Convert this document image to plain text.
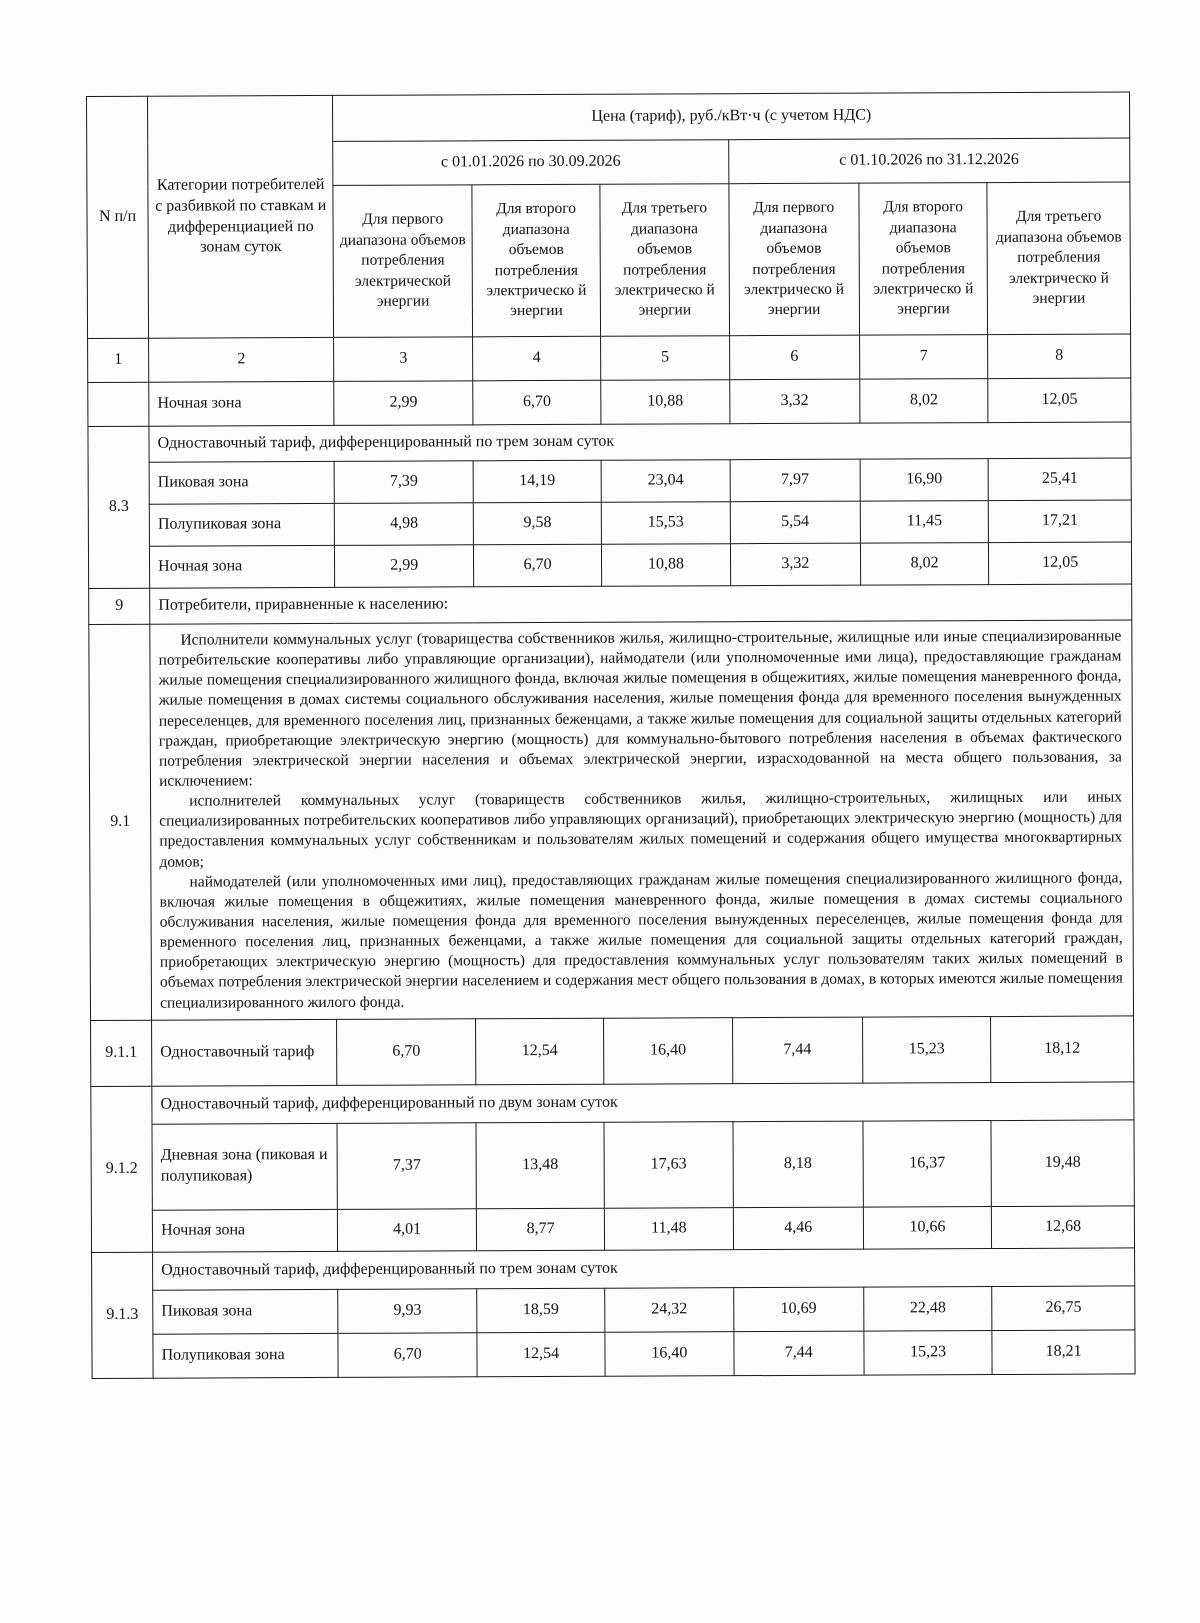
N п/п	Категории потребителей с разбивкой по ставкам и дифференциацией по зонам суток	Цена (тариф), руб./кВт·ч (с учетом НДС)					
		с 01.01.2026 по 30.09.2026			с 01.10.2026 по 31.12.2026		
		Для первого диапазона объемов потребления электрической энергии	Для второго диапазона объемов потребления электрическо й энергии	Для третьего диапазона объемов потребления электрическо й энергии	Для первого диапазона объемов потребления электрическо й энергии	Для второго диапазона объемов потребления электрическо й энергии	Для третьего диапазона объемов потребления электрическо й энергии
1	2	3	4	5	6	7	8
	Ночная зона	2,99	6,70	10,88	3,32	8,02	12,05
8.3	Одноставочный тариф, дифференцированный по трем зонам суток						
	Пиковая зона	7,39	14,19	23,04	7,97	16,90	25,41
	Полупиковая зона	4,98	9,58	15,53	5,54	11,45	17,21
	Ночная зона	2,99	6,70	10,88	3,32	8,02	12,05
9	Потребители, приравненные к населению:						
9.1	Исполнители коммунальных услуг (товарищества собственников жилья, жилищно-строительные, жилищные или иные специализированные потребительские кооперативы либо управляющие организации), наймодатели (или уполномоченные ими лица), предоставляющие гражданам жилые помещения специализированного жилищного фонда, включая жилые помещения в общежитиях, жилые помещения маневренного фонда, жилые помещения в домах системы социального обслуживания населения, жилые помещения фонда для временного поселения вынужденных переселенцев, для временного поселения лиц, признанных беженцами, а также жилые помещения для социальной защиты отдельных категорий граждан, приобретающие электрическую энергию (мощность) для коммунально-бытового потребления населения в объемах фактического потребления электрической энергии населения и объемах электрической энергии, израсходованной на места общего пользования, за исключением:

исполнителей коммунальных услуг (товариществ собственников жилья, жилищно-строительных, жилищных или иных специализированных потребительских кооперативов либо управляющих организаций), приобретающих электрическую энергию (мощность) для предоставления коммунальных услуг собственникам и пользователям жилых помещений и содержания общего имущества многоквартирных домов;

наймодателей (или уполномоченных ими лиц), предоставляющих гражданам жилые помещения специализированного жилищного фонда, включая жилые помещения в общежитиях, жилые помещения маневренного фонда, жилые помещения в домах системы социального обслуживания населения, жилые помещения фонда для временного поселения вынужденных переселенцев, жилые помещения фонда для временного поселения лиц, признанных беженцами, а также жилые помещения для социальной защиты отдельных категорий граждан, приобретающих электрическую энергию (мощность) для предоставления коммунальных услуг пользователям таких жилых помещений в объемах потребления электрической энергии населением и содержания мест общего пользования в домах, в которых имеются жилые помещения специализированного жилого фонда.						

9.1.1	Одноставочный тариф	6,70	12,54	16,40	7,44	15,23	18,12
9.1.2	Одноставочный тариф, дифференцированный по двум зонам суток						
	Дневная зона (пиковая и полупиковая)	7,37	13,48	17,63	8,18	16,37	19,48
	Ночная зона	4,01	8,77	11,48	4,46	10,66	12,68
9.1.3	Одноставочный тариф, дифференцированный по трем зонам суток						
	Пиковая зона	9,93	18,59	24,32	10,69	22,48	26,75
	Полупиковая зона	6,70	12,54	16,40	7,44	15,23	18,21
